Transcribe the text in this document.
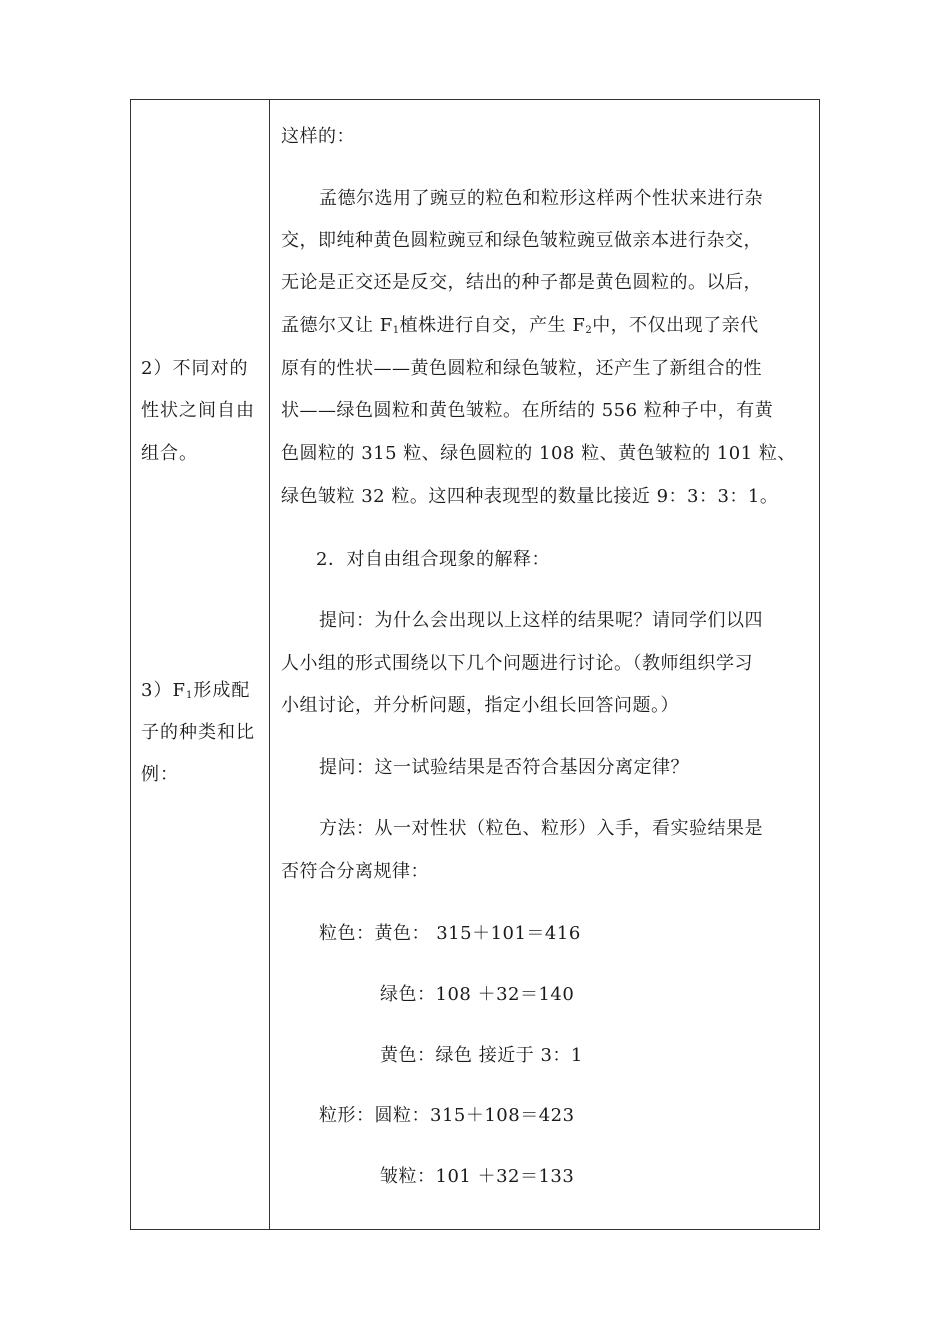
2）不同对的
性状之间自由
组合。
$3)F_1$形成配
子的种类和比
例：
这样的：
孟德尔选用了豌豆的粒色和粒形这样两个性状来进行杂
交，即纯种黄色圆粒豌豆和绿色皱粒豌豆做亲本进行杂交，
无论是正交还是反交，结出的种子都是黄色圆粒的。以后，
孟德尔又让 $F_1$植株进行自交，产生 $F_2$中，不仅出现了亲代
原有的性状——黄色圆粒和绿色皱粒，还产生了新组合的性
状——绿色圆粒和黄色皱粒。在所结的 556 粒种子中，有黄
色圆粒的 315 粒、绿色圆粒的 108 粒、黄色皱粒的 101 粒、
绿色皱粒 32 粒。这四种表现型的数量比接近 9：3：3：1。
2．对自由组合现象的解释：
提问：为什么会出现以上这样的结果呢？请同学们以四
人小组的形式围绕以下几个问题进行讨论。（教师组织学习
小组讨论，并分析问题，指定小组长回答问题。）
提问：这一试验结果是否符合基因分离定律？
方法：从一对性状（粒色、粒形）入手，看实验结果是
否符合分离规律：
粒色：黄色： 315＋101＝416
绿色：108 ＋32＝140
黄色：绿色 接近于 3：1
粒形：圆粒：315＋108＝423
皱粒：101 ＋32＝133
